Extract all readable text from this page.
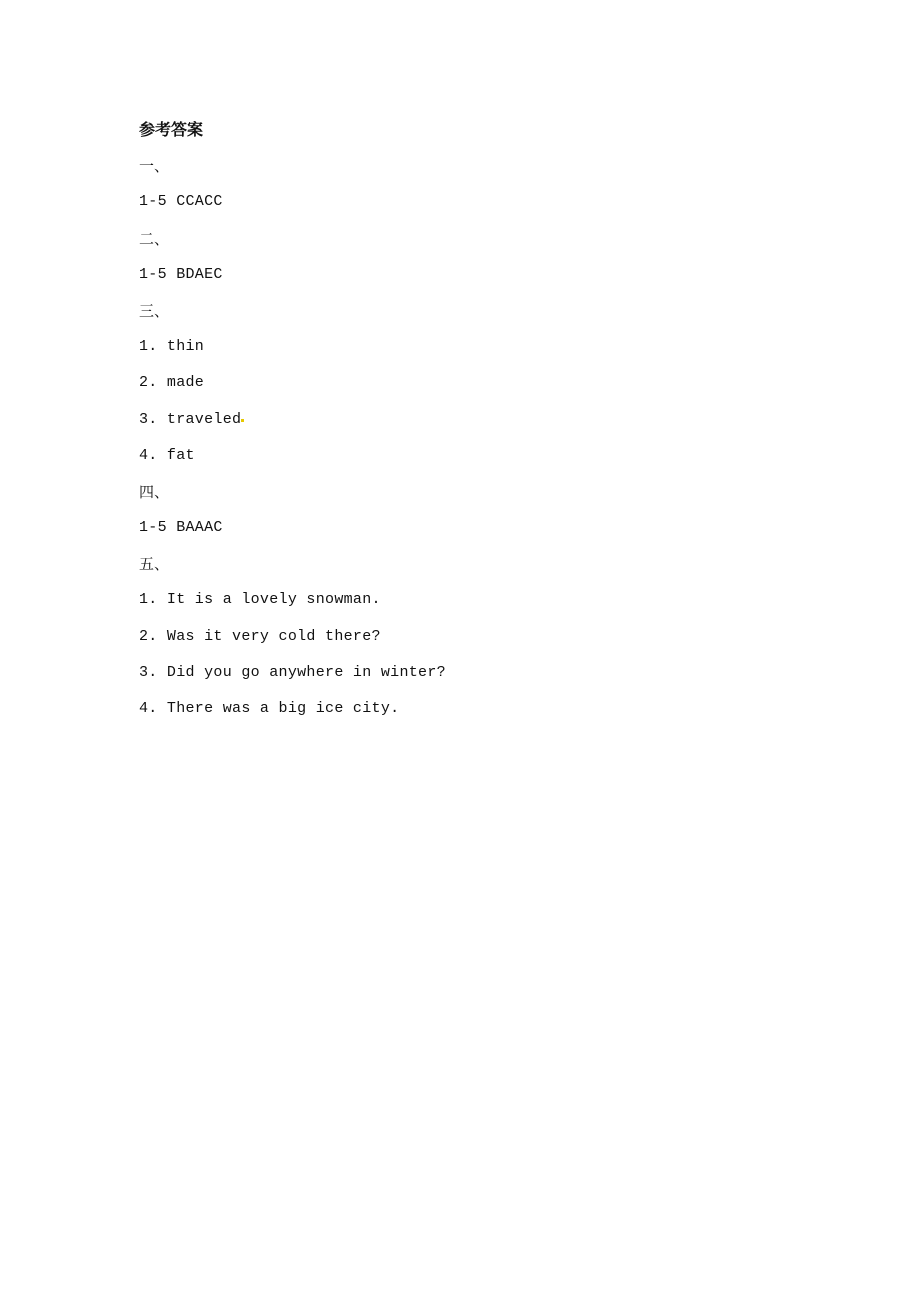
参考答案
一、
1-5 CCACC
二、
1-5 BDAEC
三、
1. thin
2. made
3. traveled
4. fat
四、
1-5 BAAAC
五、
1. It is a lovely snowman.
2. Was it very cold there?
3. Did you go anywhere in winter?
4. There was a big ice city.
